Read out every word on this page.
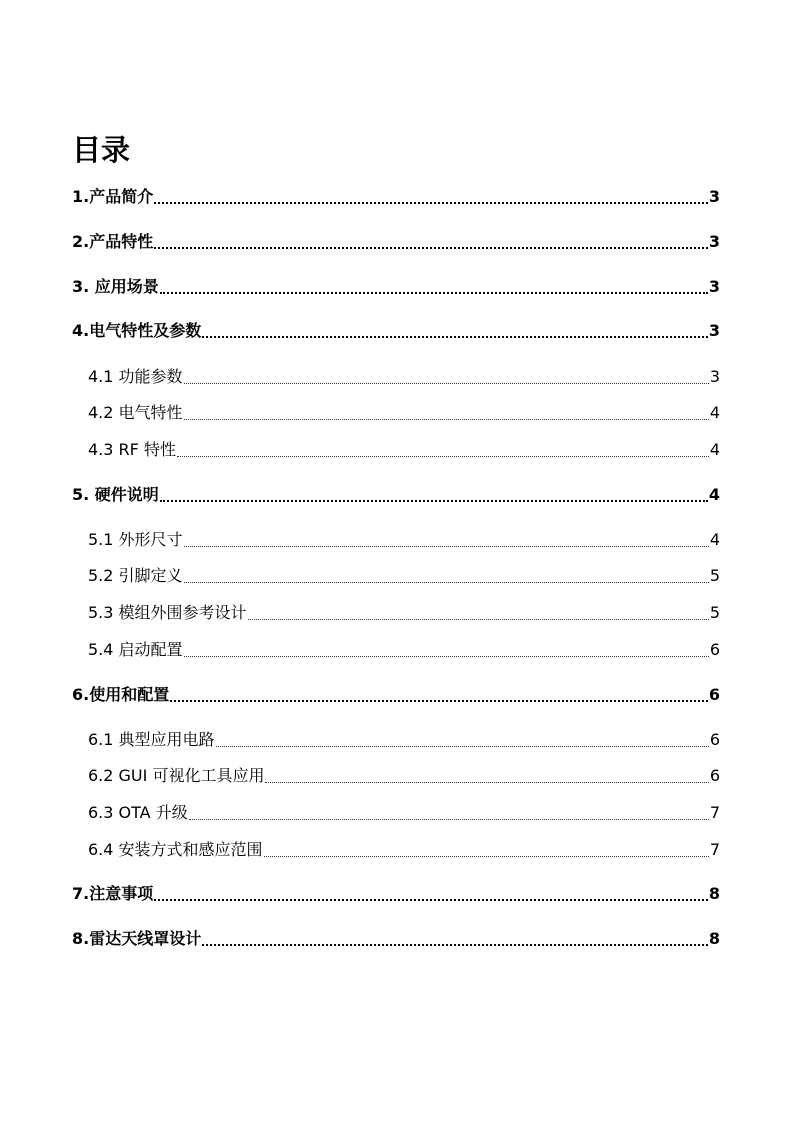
目录
1.产品简介	3
2.产品特性	3
3. 应用场景	3
4.电气特性及参数	3
4.1 功能参数	3
4.2 电气特性	4
4.3 RF 特性	4
5. 硬件说明	4
5.1 外形尺寸	4
5.2 引脚定义	5
5.3 模组外围参考设计	5
5.4 启动配置	6
6.使用和配置	6
6.1 典型应用电路	6
6.2 GUI 可视化工具应用	6
6.3 OTA 升级	7
6.4 安装方式和感应范围	7
7.注意事项	8
8.雷达天线罩设计	8
